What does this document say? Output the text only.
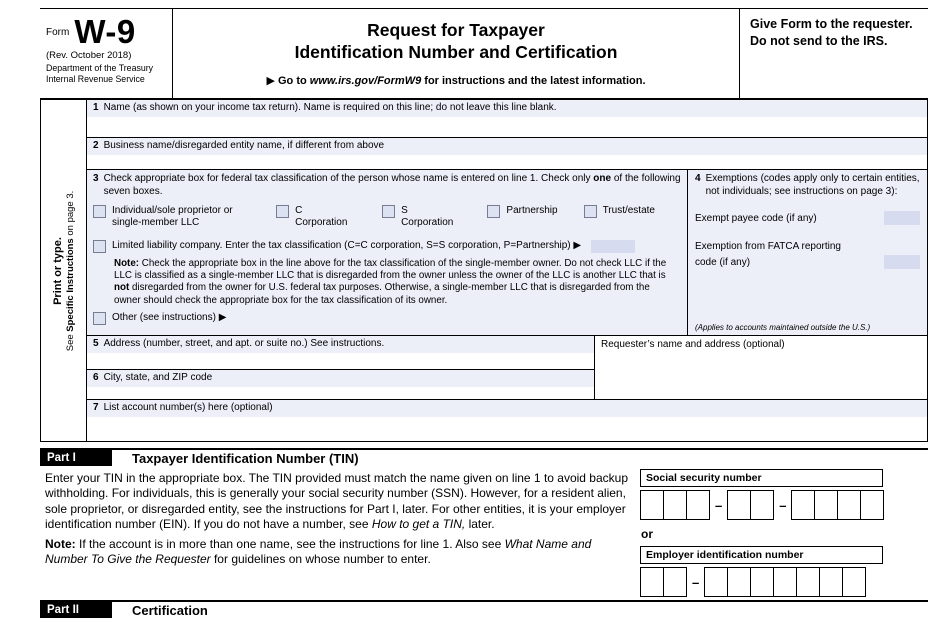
Form W-9
(Rev. October 2018)
Department of the Treasury
Internal Revenue Service
Request for Taxpayer
Identification Number and Certification
▶ Go to www.irs.gov/FormW9 for instructions and the latest information.
Give Form to the requester. Do not send to the IRS.
Print or type.
See Specific Instructions on page 3.
1 Name (as shown on your income tax return). Name is required on this line; do not leave this line blank.
2 Business name/disregarded entity name, if different from above
3 Check appropriate box for federal tax classification of the person whose name is entered on line 1. Check only one of the following seven boxes.
Individual/sole proprietor or single-member LLC
C Corporation
S Corporation
Partnership	Trust/estate
Limited liability company. Enter the tax classification (C=C corporation, S=S corporation, P=Partnership) ▶
Note: Check the appropriate box in the line above for the tax classification of the single-member owner. Do not check LLC if the LLC is classified as a single-member LLC that is disregarded from the owner unless the owner of the LLC is another LLC that is not disregarded from the owner for U.S. federal tax purposes. Otherwise, a single-member LLC that is disregarded from the owner should check the appropriate box for the tax classification of its owner.
Other (see instructions) ▶
4 Exemptions (codes apply only to certain entities, not individuals; see instructions on page 3):
Exempt payee code (if any)
Exemption from FATCA reporting
code (if any)
(Applies to accounts maintained outside the U.S.)
5 Address (number, street, and apt. or suite no.) See instructions.
6 City, state, and ZIP code
Requester’s name and address (optional)
7 List account number(s) here (optional)
Part I	Taxpayer Identification Number (TIN)
Enter your TIN in the appropriate box. The TIN provided must match the name given on line 1 to avoid backup withholding. For individuals, this is generally your social security number (SSN). However, for a resident alien, sole proprietor, or disregarded entity, see the instructions for Part I, later. For other entities, it is your employer identification number (EIN). If you do not have a number, see How to get a TIN, later.
Note: If the account is in more than one name, see the instructions for line 1. Also see What Name and Number To Give the Requester for guidelines on whose number to enter.
Social security number
–	–
or
Employer identification number
–
Part II	Certification
